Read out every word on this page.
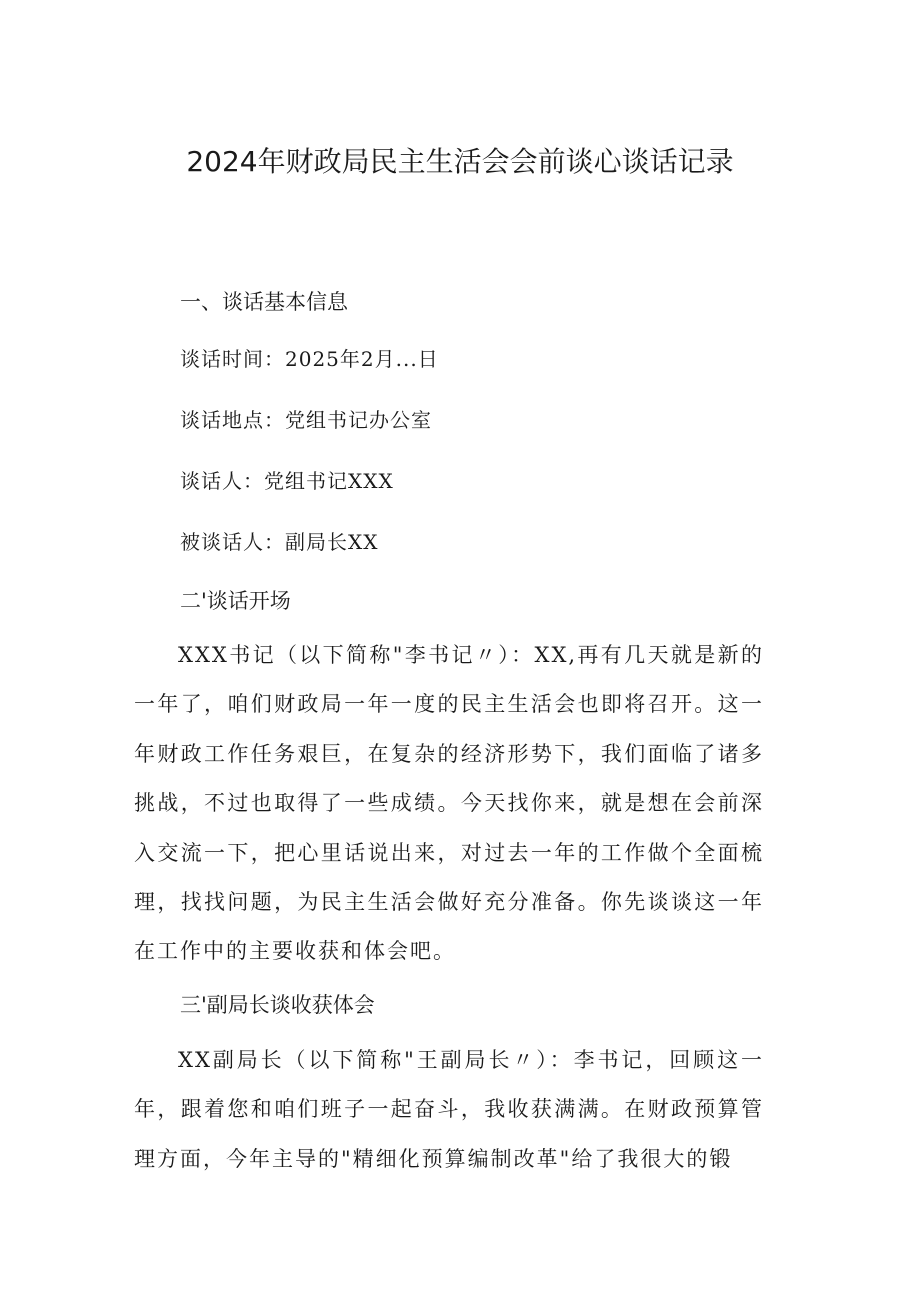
2024年财政局民主生活会会前谈心谈话记录
一、谈话基本信息

谈话时间：2025年2月...日

谈话地点：党组书记办公室

谈话人：党组书记XXX

被谈话人：副局长XX

二'谈话开场

XXX书记（以下简称"李书记〃）：XX,再有几天就是新的一年了，咱们财政局一年一度的民主生活会也即将召开。这一年财政工作任务艰巨，在复杂的经济形势下，我们面临了诸多挑战，不过也取得了一些成绩。今天找你来，就是想在会前深入交流一下，把心里话说出来，对过去一年的工作做个全面梳理，找找问题，为民主生活会做好充分准备。你先谈谈这一年在工作中的主要收获和体会吧。

三'副局长谈收获体会

XX副局长（以下简称"王副局长〃）：李书记，回顾这一年，跟着您和咱们班子一起奋斗，我收获满满。在财政预算管理方面，今年主导的"精细化预算编制改革"给了我很大的锻
